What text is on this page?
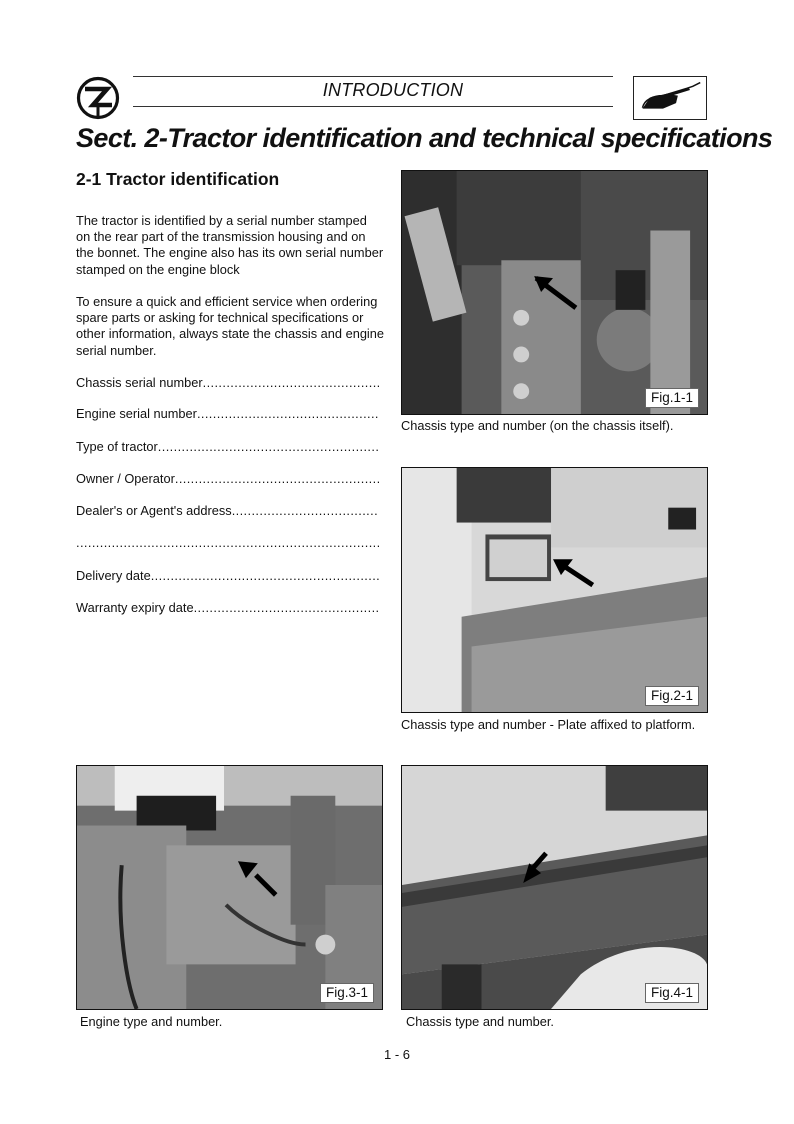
INTRODUCTION
Sect. 2-Tractor identification and technical specifications
2-1 Tractor identification
The tractor is identified by a serial number stamped on the rear part of the transmission housing and on the bonnet. The engine also has its own serial number stamped on the engine block
To ensure a quick and efficient service when ordering spare parts or asking for technical specifications or other information, always state the chassis and engine serial number.
Chassis serial number
.....
Engine serial number
.....
Type of tractor
.....
Owner / Operator
.....
Dealer's or Agent's address
.....
.....
Delivery date
.....
Warranty expiry date
.....
Fig.1-1
Chassis type and number (on the chassis itself).
Fig.2-1
Chassis type and number - Plate affixed to platform.
Fig.3-1
Engine type and number.
Fig.4-1
Chassis type and number.
1 - 6
